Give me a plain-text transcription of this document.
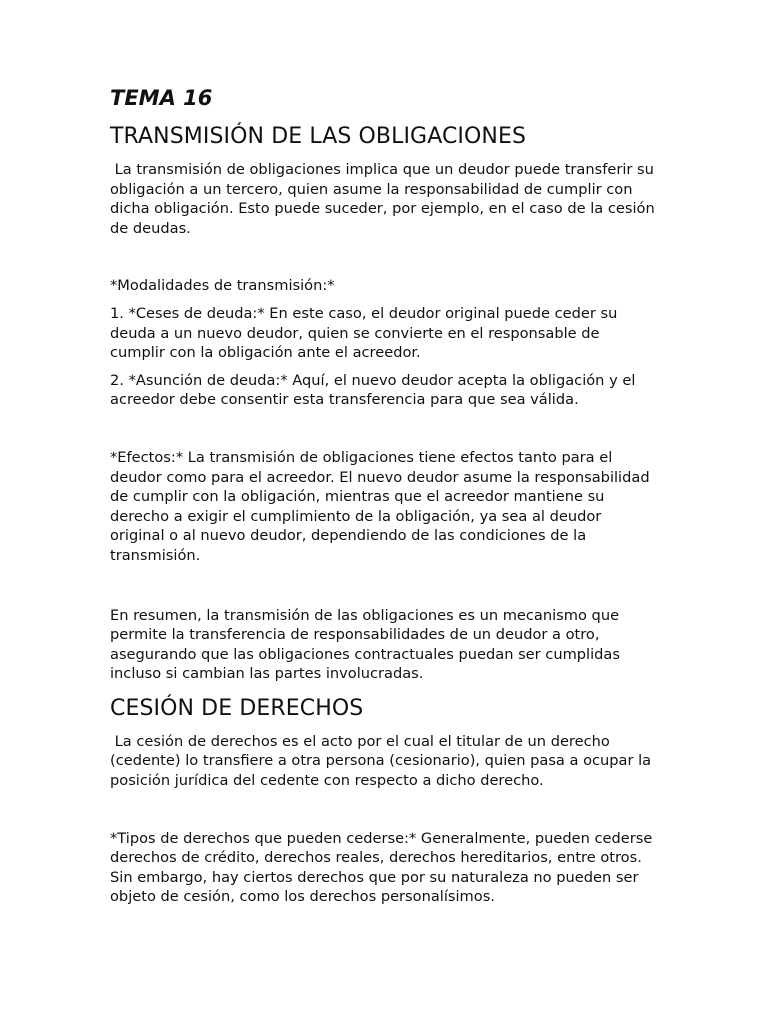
TEMA 16
TRANSMISIÓN DE LAS OBLIGACIONES

La transmisión de obligaciones implica que un deudor puede transferir su obligación a un tercero, quien asume la responsabilidad de cumplir con dicha obligación. Esto puede suceder, por ejemplo, en el caso de la cesión de deudas.

*Modalidades de transmisión:*

1. *Ceses de deuda:* En este caso, el deudor original puede ceder su deuda a un nuevo deudor, quien se convierte en el responsable de cumplir con la obligación ante el acreedor.

2. *Asunción de deuda:* Aquí, el nuevo deudor acepta la obligación y el acreedor debe consentir esta transferencia para que sea válida.

*Efectos:* La transmisión de obligaciones tiene efectos tanto para el deudor como para el acreedor. El nuevo deudor asume la responsabilidad de cumplir con la obligación, mientras que el acreedor mantiene su derecho a exigir el cumplimiento de la obligación, ya sea al deudor original o al nuevo deudor, dependiendo de las condiciones de la transmisión.

En resumen, la transmisión de las obligaciones es un mecanismo que permite la transferencia de responsabilidades de un deudor a otro, asegurando que las obligaciones contractuales puedan ser cumplidas incluso si cambian las partes involucradas.

CESIÓN DE DERECHOS

La cesión de derechos es el acto por el cual el titular de un derecho (cedente) lo transfiere a otra persona (cesionario), quien pasa a ocupar la posición jurídica del cedente con respecto a dicho derecho.

*Tipos de derechos que pueden cederse:* Generalmente, pueden cederse derechos de crédito, derechos reales, derechos hereditarios, entre otros. Sin embargo, hay ciertos derechos que por su naturaleza no pueden ser objeto de cesión, como los derechos personalísimos.
